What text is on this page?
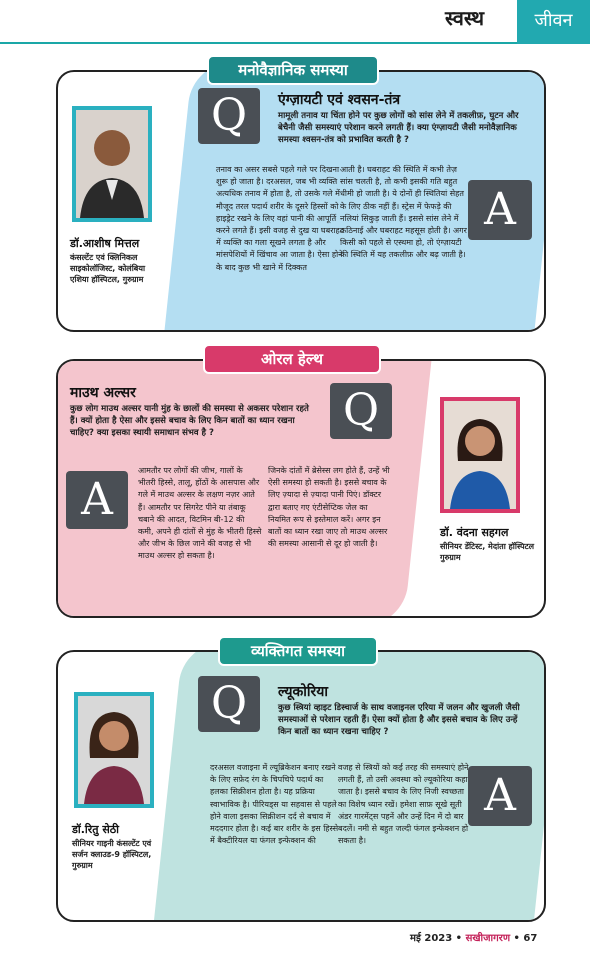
स्वस्थ	जीवन
डॉ.आशीष मित्तल
कंसल्टेंट एवं क्लिनिकल साइकोलॉजिस्ट, कोलंबिया एशिया हॉस्पिटल, गुरुग्राम
Q	एंग्ज़ायटी एवं श्वसन-तंत्र
मामूली तनाव या चिंता होने पर कुछ लोगों को सांस लेने में तकलीफ़, घुटन और बेचैनी जैसी समस्याएं परेशान करने लगती हैं। क्या एंग्ज़ायटी जैसी मनोवैज्ञानिक समस्या श्वसन-तंत्र को प्रभावित करती है ?
तनाव का असर सबसे पहले गले पर दिखना शुरू हो जाता है। दरअसल, जब भी व्यक्ति अत्यधिक तनाव में होता है, तो उसके गले में मौजूद तरल पदार्थ शरीर के दूसरे हिस्सों को हाइड्रेट रखने के लिए वहां पानी की आपूर्ति करने लगते हैं। इसी वजह से दुख या घबराहट में व्यक्ति का गला सूखने लगता है और मांसपेशियों में खिंचाव आ जाता है। ऐसा होने के बाद कुछ भी खाने में दिक्कत
आती है। घबराहट की स्थिति में कभी तेज़ सांस चलती है, तो कभी इसकी गति बहुत धीमी हो जाती है। ये दोनों ही स्थितियां सेहत के लिए ठीक नहीं हैं। स्ट्रेस में फेफड़े की नलियां सिकुड़ जाती हैं। इससे सांस लेने में कठिनाई और घबराहट महसूस होती है। अगर किसी को पहले से एस्थमा हो, तो एंग्ज़ायटी की स्थिति में यह तकलीफ़ और बढ़ जाती है।
A
मनोवैज्ञानिक समस्या
माउथ अल्सर
कुछ लोग माउथ अल्सर यानी मुंह के छालों की समस्या से अकसर परेशान रहते हैं। क्यों होता है ऐसा और इससे बचाव के लिए किन बातों का ध्यान रखना चाहिए? क्या इसका स्थायी समाधान संभव है ?	Q
A
आमतौर पर लोगों की जीभ, गालों के भीतरी हिस्से, तालू, होंठों के आसपास और गले में माउथ अल्सर के लक्षण नज़र आते हैं। आमतौर पर सिगरेट पीने या तंबाकू चबाने की आदत, विटमिन बी-12 की कमी, अपने ही दांतों से मुंह के भीतरी हिस्से और जीभ के छिल जाने की वजह से भी माउथ अल्सर हो सकता है।
जिनके दांतों में ब्रेसेस्स लग होते हैं, उन्हें भी ऐसी समस्या हो सकती है। इससे बचाव के लिए ज़्यादा से ज़्यादा पानी पिएं। डॉक्टर द्वारा बताए गए एंटीसेप्टिक जेल का नियमित रूप से इस्तेमाल करें। अगर इन बातों का ध्यान रखा जाए तो माउथ अल्सर की समस्या आसानी से दूर हो जाती है।
डॉ. वंदना सहगल
सीनियर डेंटिस्ट, मेदांता हॉस्पिटल गुरुग्राम
ओरल हेल्थ
डॉ.रितु सेठी
सीनियर गाइनी कंसल्टेंट एवं सर्जन क्लाउड-9 हॉस्पिटल, गुरुग्राम
Q	ल्यूकोरिया
कुछ स्त्रियां व्हाइट डिस्चार्ज के साथ वजाइनल एरिया में जलन और खुजली जैसी समस्याओं से परेशान रहती हैं। ऐसा क्यों होता है और इससे बचाव के लिए उन्हें किन बातों का ध्यान रखना चाहिए ?
दरअसल वजाइना में ल्यूब्रिकेशन बनाए रखने के लिए सफ़ेद रंग के चिपचिपे पदार्थ का हलका सिक्रीशन होता है। यह प्रक्रिया स्वाभाविक है। पीरियड्स या सहवास से पहले होने वाला इसका सिक्रीशन दर्द से बचाव में मददगार होता है। कई बार शरीर के इस हिस्से में बैक्टीरियल या फंगल इन्फेक्शन की
वजह से स्त्रियों को कई तरह की समस्याएं होने लगती हैं, तो उसी अवस्था को ल्यूकोरिया कहा जाता है। इससे बचाव के लिए निजी स्वच्छता का विशेष ध्यान रखें। हमेशा साफ़ सूखे सूती अंडर गारमेंट्स पहनें और उन्हें दिन में दो बार बदलें। नमी से बहुत जल्दी फंगल इन्फेक्शन हो सकता है।
A
व्यक्तिगत समस्या
मई 2023 • सखीजागरण • 67
